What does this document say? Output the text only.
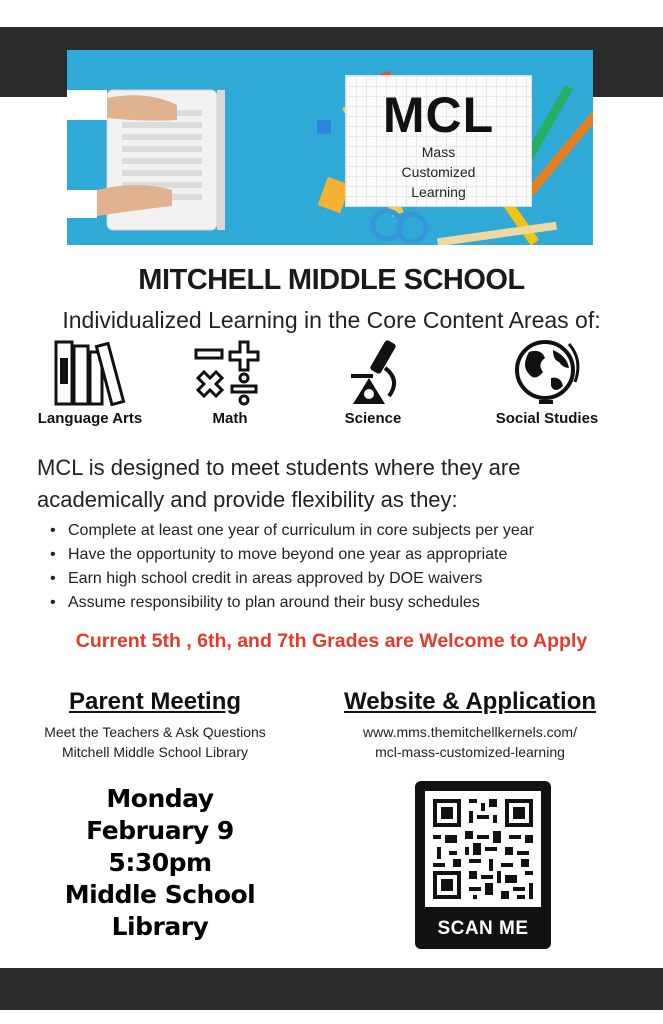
MCL
Mass
Customized
Learning
MITCHELL MIDDLE SCHOOL
Individualized Learning in the Core Content Areas of:
Language Arts	Math	Science	Social Studies
MCL is designed to meet students where they are
academically and provide flexibility as they:
• Complete at least one year of curriculum in core subjects per year
• Have the opportunity to move beyond one year as appropriate
• Earn high school credit in areas approved by DOE waivers
• Assume responsibility to plan around their busy schedules
Current 5th , 6th, and 7th Grades are Welcome to Apply
Parent Meeting
Meet the Teachers & Ask Questions
Mitchell Middle School Library
Website & Application
www.mms.themitchellkernels.com/
mcl-mass-customized-learning
Monday
February 9
5:30pm
Middle School
Library	SCAN ME
